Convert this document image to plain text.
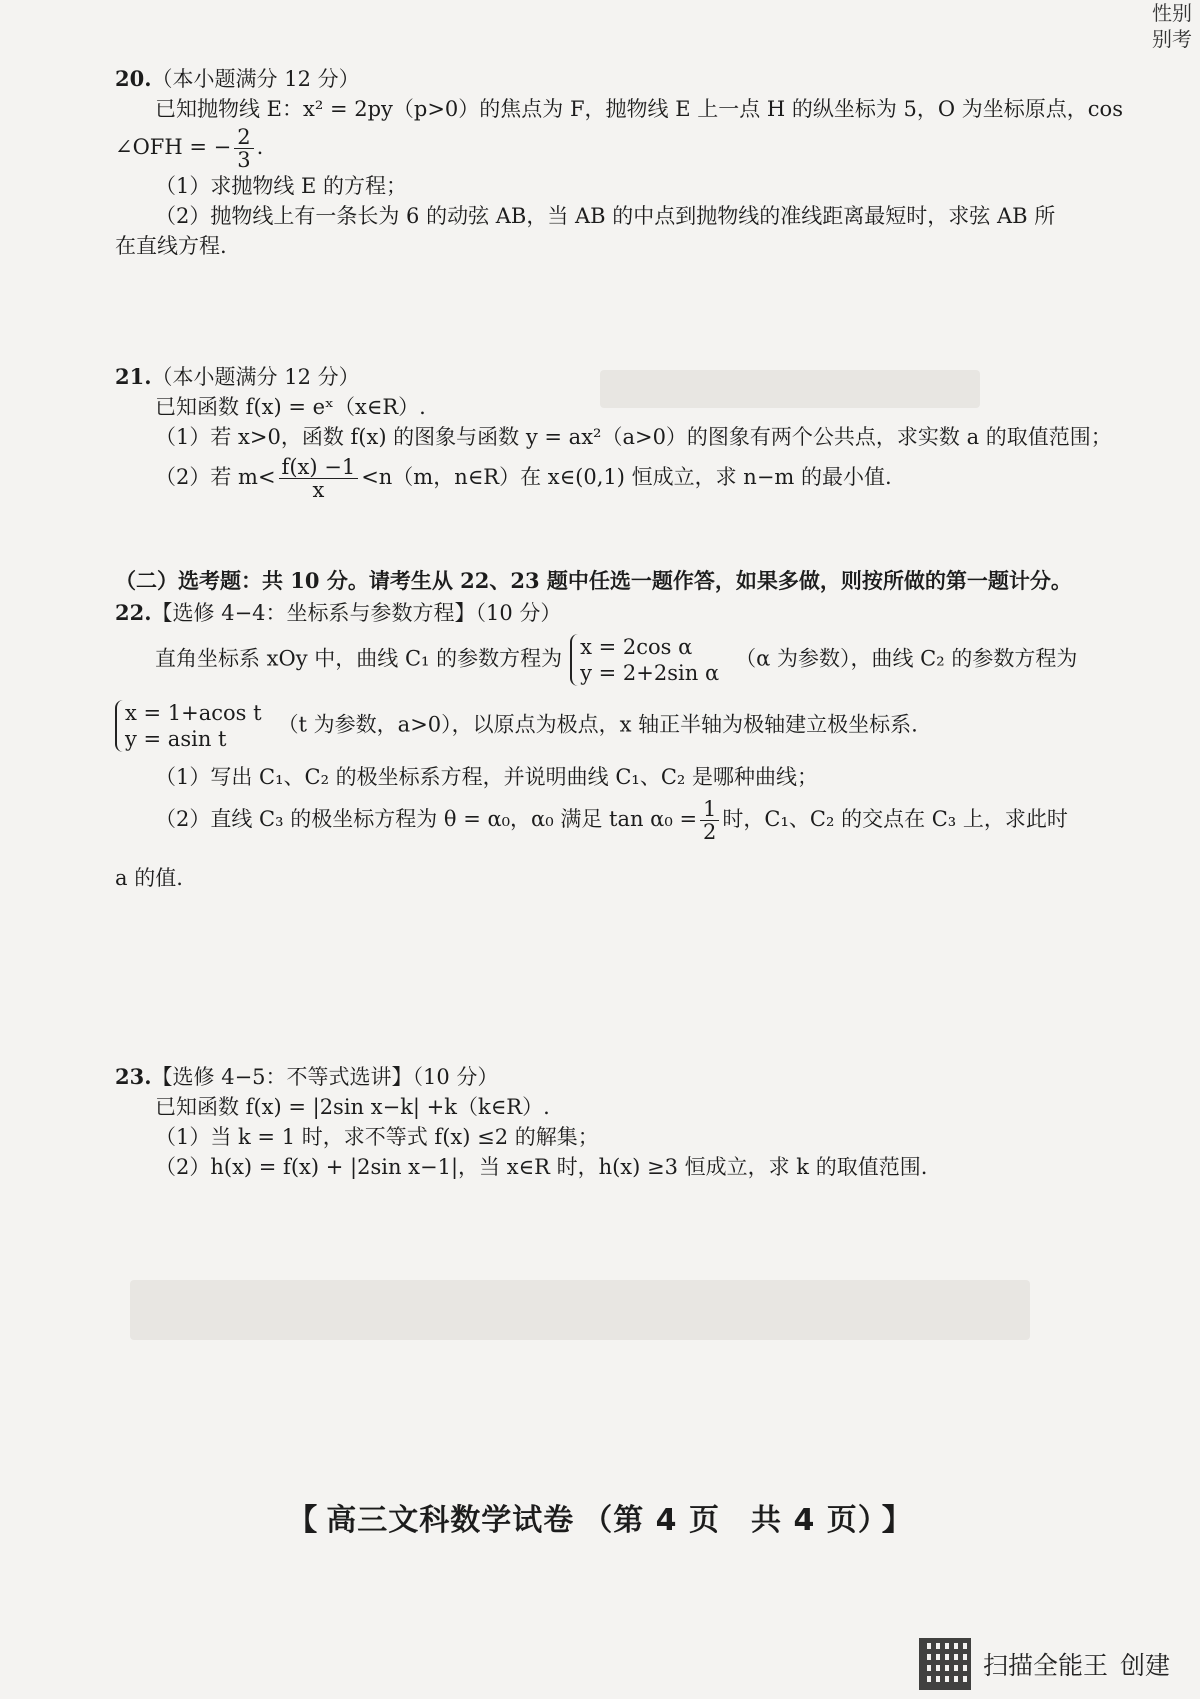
性别
别考
20.（本小题满分 12 分）
已知抛物线 E：x² = 2py（p>0）的焦点为 F，抛物线 E 上一点 H 的纵坐标为 5，O 为坐标原点，cos
∠OFH = − $\frac{2}{3}$ .
（1）求抛物线 E 的方程；
（2）抛物线上有一条长为 6 的动弦 AB，当 AB 的中点到抛物线的准线距离最短时，求弦 AB 所
在直线方程.
21.（本小题满分 12 分）
已知函数 f(x) = eˣ（x∈R）.
（1）若 x>0，函数 f(x) 的图象与函数 y = ax²（a>0）的图象有两个公共点，求实数 a 的取值范围；
（2）若 $m< \frac{f(x) -1}{x} <n(m$，n∈R）在 x∈(0,1) 恒成立，求 n−m 的最小值.
（二）选考题：共 10 分。请考生从 22、23 题中任选一题作答，如果多做，则按所做的第一题计分。
22.【选修 4−4：坐标系与参数方程】（10 分）
直角坐标系 xOy 中，曲线 C₁ 的参数方程为 x = 2cos α
y = 2+2sin α
（α 为参数），曲线 C₂ 的参数方程为
x = 1+acos t
y = asin t
（t 为参数，a>0），以原点为极点，x 轴正半轴为极轴建立极坐标系.
（1）写出 C₁、C₂ 的极坐标系方程，并说明曲线 C₁、C₂ 是哪种曲线；
（2）直线 C₃ 的极坐标方程为 θ = α₀，α₀ 满足 $\tan \alpha_0 = \frac{1}{2}$ 时，C₁、C₂ 的交点在 C₃ 上，求此时
a 的值.
23.【选修 4−5：不等式选讲】（10 分）
已知函数 f(x) = |2sin x−k| +k（k∈R）.
（1）当 k = 1 时，求不等式 f(x) ≤2 的解集；
（2）h(x) = f(x) + |2sin x−1|，当 x∈R 时，h(x) ≥3 恒成立，求 k 的取值范围.
【 高三文科数学试卷 （第 4 页　共 4 页） 】
扫描全能王 创建
